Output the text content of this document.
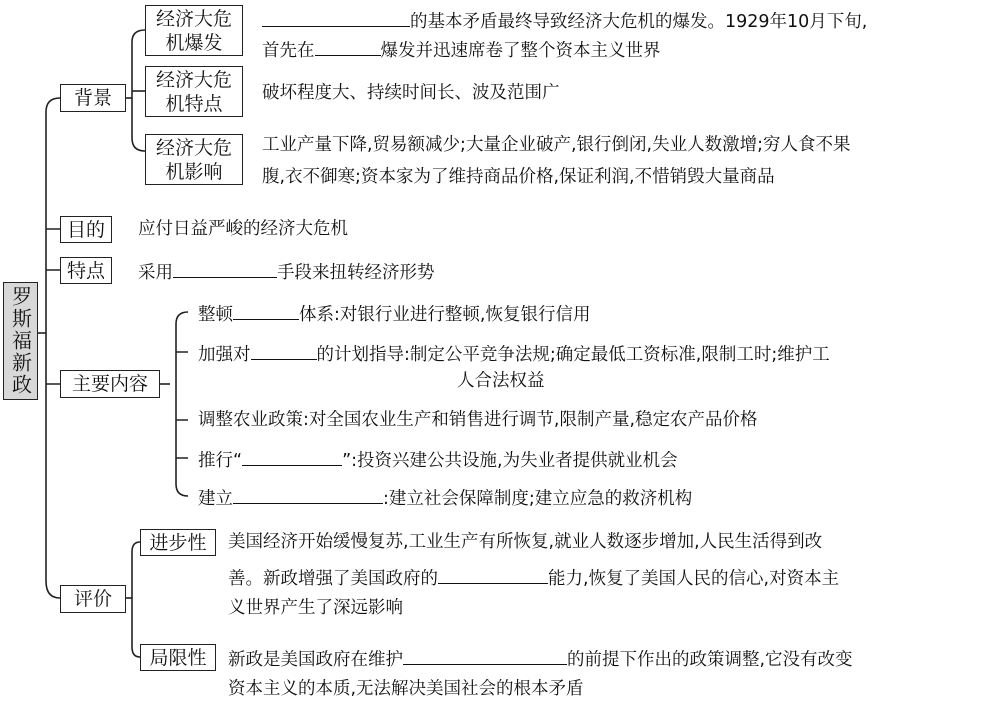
罗斯福新政
背景
目的
特点
主要内容
评价
经济大危
机爆发
经济大危
机特点
经济大危
机影响
进步性
局限性
的基本矛盾最终导致经济大危机的爆发。1929年10月下旬,
首先在	爆发并迅速席卷了整个资本主义世界
破坏程度大、持续时间长、波及范围广
工业产量下降,贸易额减少;大量企业破产,银行倒闭,失业人数激增;穷人食不果
腹,衣不御寒;资本家为了维持商品价格,保证利润,不惜销毁大量商品
应付日益严峻的经济大危机
采用	手段来扭转经济形势
整顿	体系:对银行业进行整顿,恢复银行信用
加强对	的计划指导:制定公平竞争法规;确定最低工资标准,限制工时;维护工
人合法权益
调整农业政策:对全国农业生产和销售进行调节,限制产量,稳定农产品价格
推行“	”:投资兴建公共设施,为失业者提供就业机会
建立	:建立社会保障制度;建立应急的救济机构
美国经济开始缓慢复苏,工业生产有所恢复,就业人数逐步增加,人民生活得到改
善。新政增强了美国政府的	能力,恢复了美国人民的信心,对资本主
义世界产生了深远影响
新政是美国政府在维护	的前提下作出的政策调整,它没有改变
资本主义的本质,无法解决美国社会的根本矛盾
